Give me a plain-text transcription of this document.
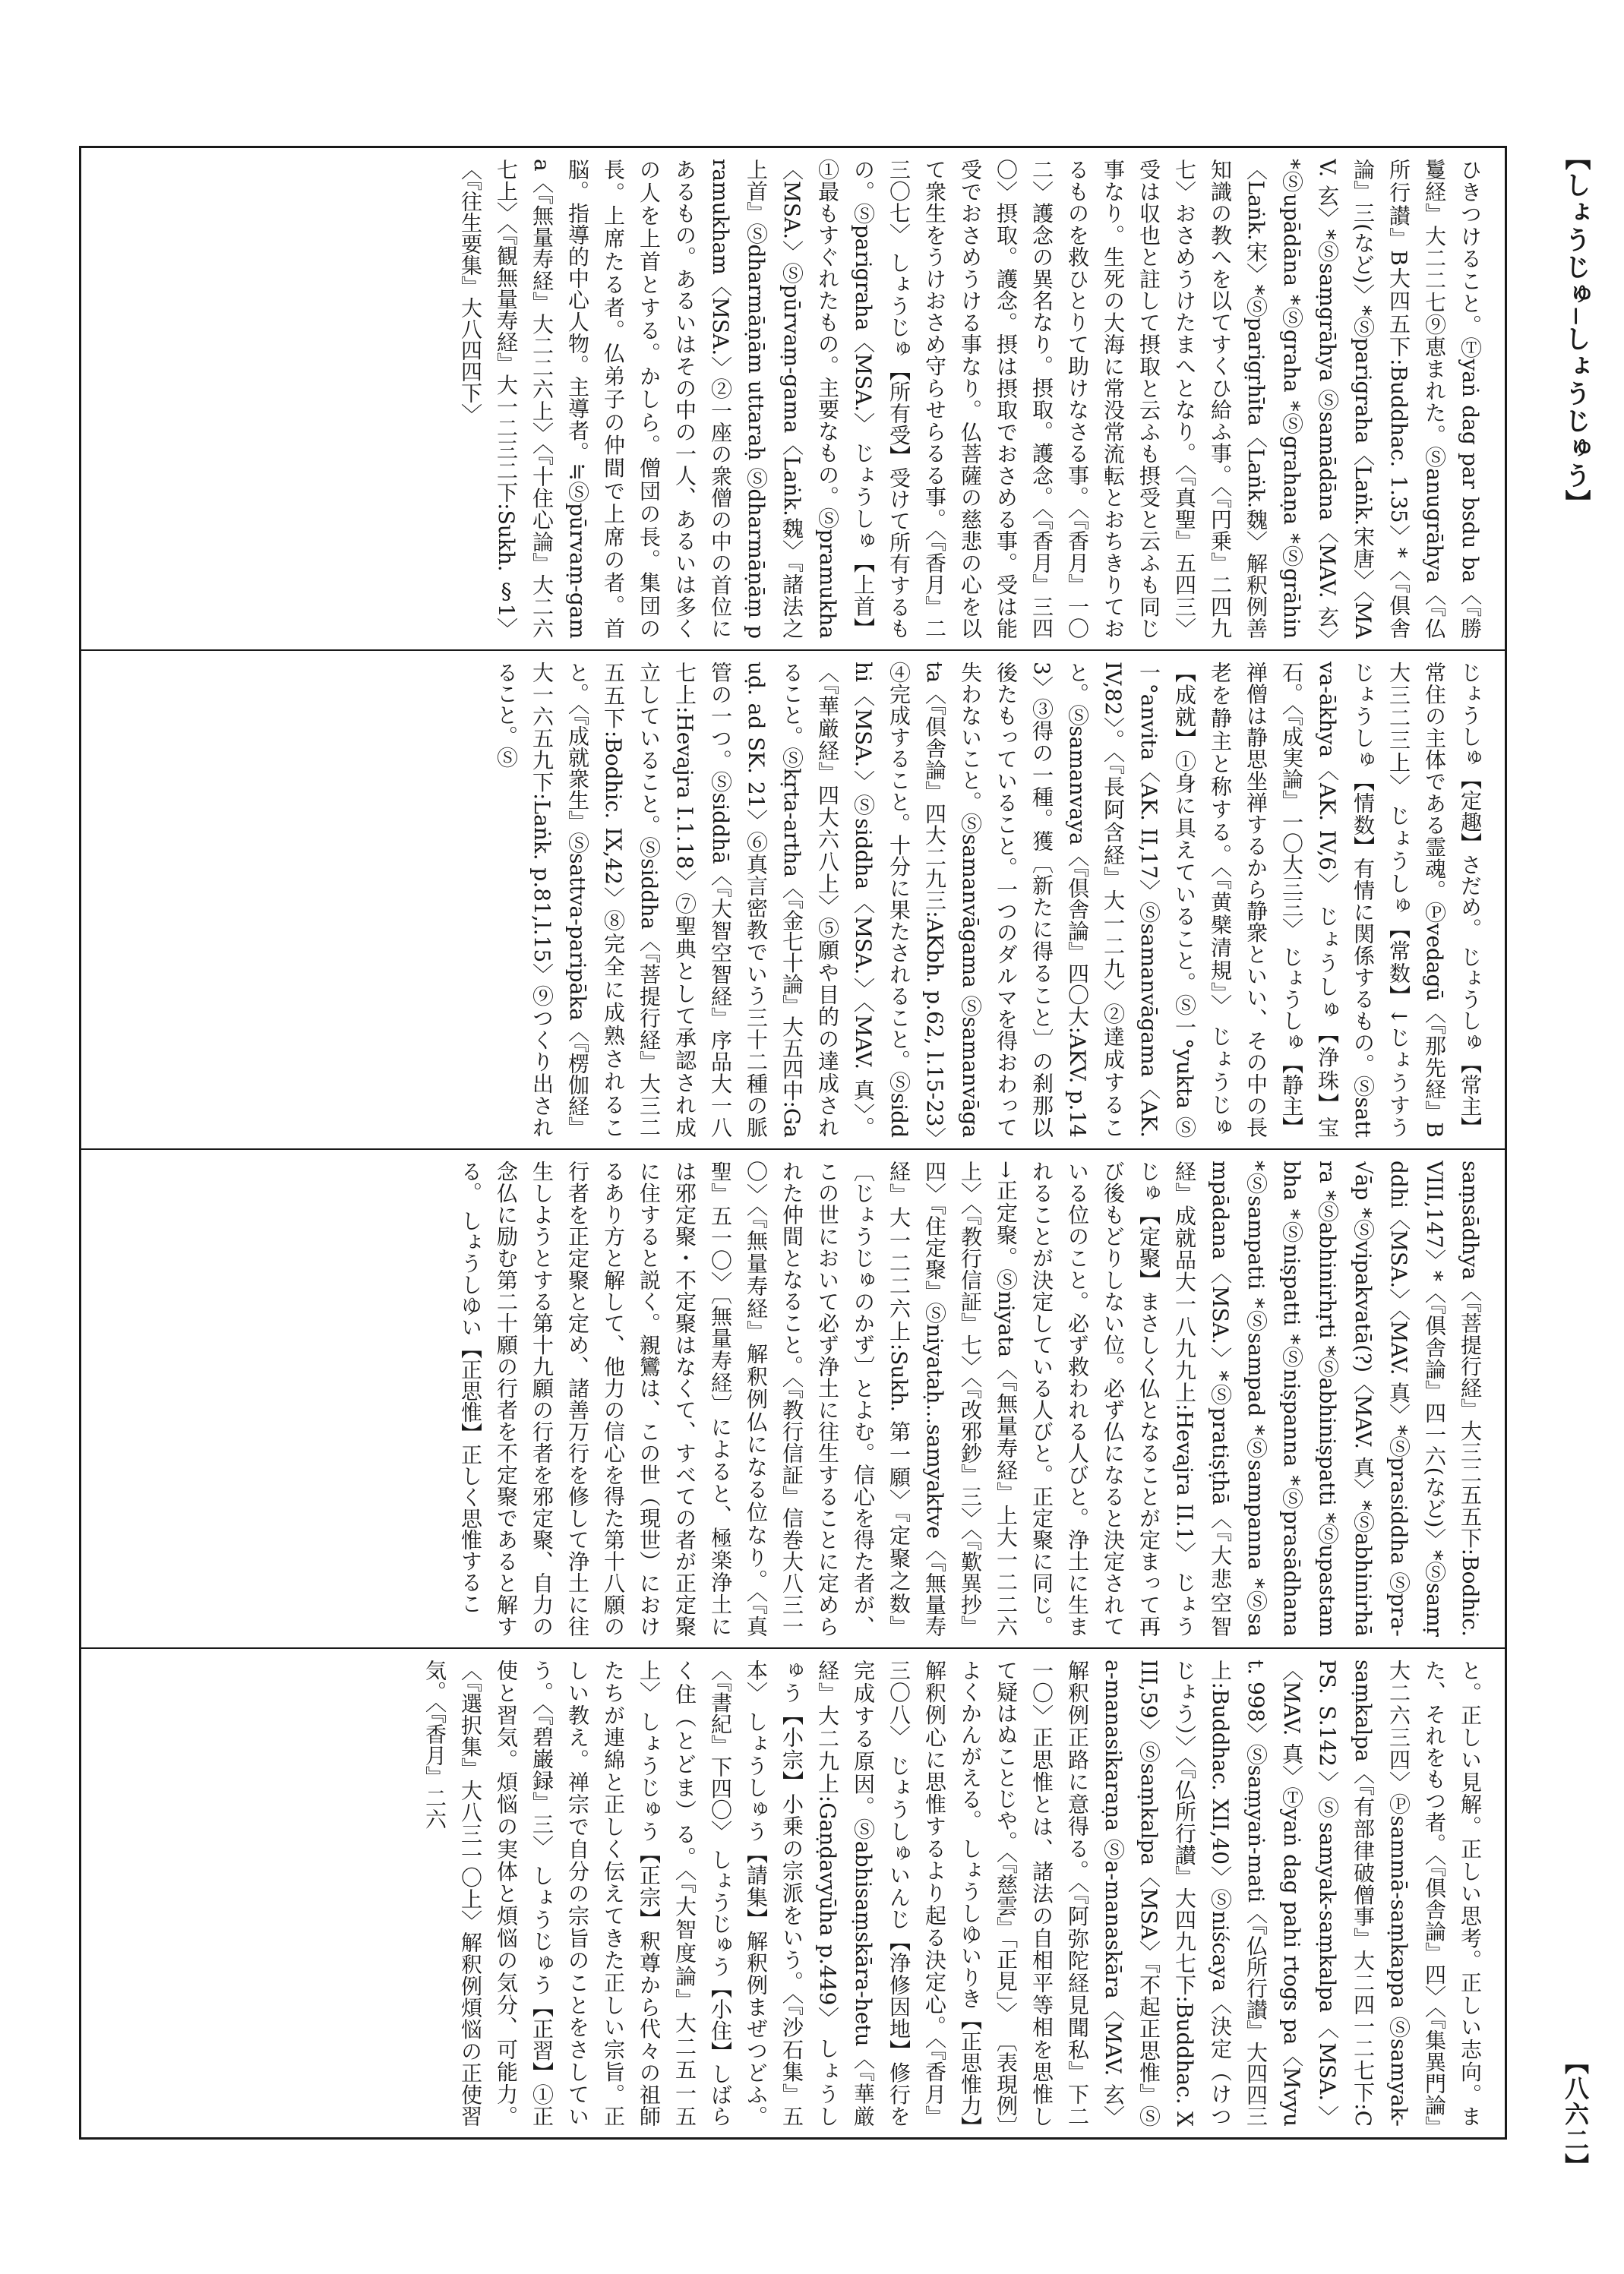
【しょうじゅ─しょうじゅう】
ひきつけること。Ⓣyaṅ dag par bsdu ba〈『勝鬘経』大二二七⑨恵まれた。Ⓢanugrāhya〈『仏所行讃』B大四五下:Buddhac. 1.35〉*〈『倶舎論』三(など)〉*Ⓢparigraha〈Laṅk.宋唐〉〈MAV. 玄〉*Ⓢsaṃgrāhya Ⓢsamādāna〈MAV. 玄〉*Ⓢupādāna *Ⓢgraha *Ⓢgrahaṇa *Ⓢgrāhin〈Laṅk.宋〉*Ⓢparigṛhīta〈Laṅk.魏〉解釈例善知識の教へを以てすくひ給ふ事。〈『円乗』二四九七〉おさめうけたまへとなり。〈『真聖』五四三〉受は収也と註して摂取と云ふも摂受と云ふも同じ事なり。生死の大海に常没常流転とおちきりておるものを救ひとりて助けなさる事。〈『香月』一〇二〉護念の異名なり。摂取。護念。〈『香月』三四〇〉摂取。護念。摂は摂取でおさめる事。受は能受でおさめうける事なり。仏菩薩の慈悲の心を以て衆生をうけおさめ守らせらるる事。〈『香月』二三〇七〉 しょうじゅ【所有受】受けて所有するもの。Ⓢparigraha〈MSA.〉 じょうしゅ【上首】①最もすぐれたもの。主要なもの。Ⓢpramukha〈MSA.〉Ⓢpūrvaṃ-gama〈Laṅk.魏〉『諸法之上首』Ⓢdharmāṇām uttaraḥ Ⓢdharmāṇāṃ pramukham〈MSA.〉②一座の衆僧の中の首位にあるもの。あるいはその中の一人、あるいは多くの人を上首とする。かしら。僧団の長。集団の長。上席たる者。仏弟子の仲間で上席の者。首脳。指導的中心人物。主導者。≒Ⓢpūrvaṃ-gama〈『無量寿経』大二二六上〉〈『十住心論』大二六七上〉〈『観無量寿経』大一二三二下:Sukh. §1〉〈『往生要集』大八四四下〉
じょうしゅ【定趣】さだめ。 じょうしゅ【常主】常住の主体である霊魂。Ⓟvedagū〈『那先経』B大三二三上〉 じょうしゅ【常数】↓じょうすう じょうしゅ【情数】有情に関係するもの。Ⓢsattva-ākhya〈AK. IV,6〉 じょうしゅ【浄珠】宝石。〈『成実論』一〇大三三〉 じょうしゅ【静主】禅僧は静思坐禅するから静衆といい、その中の長老を静主と称する。〈『黄檗清規』〉 じょうじゅ【成就】①身に具えていること。Ⓢ一°yukta Ⓢ一°anvita〈AK. II,17〉Ⓢsamanvāgama〈AK. IV,82〉。〈『長阿含経』大一二九〉②達成すること。Ⓢsamanvaya〈『倶舎論』四〇大:AKV. p.143〉③得の一種。獲〔新たに得ること〕の刹那以後たもっていること。一つのダルマを得おわって失わないこと。Ⓢsamanvāgama Ⓢsamanvāgata〈『倶舎論』四大二九三:AKbh. p.62, l.15-23〉④完成すること。十分に果たされること。Ⓢsiddhi〈MSA.〉Ⓢsiddha〈MSA.〉〈MAV. 真〉。〈『華厳経』四大六八上〉⑤願や目的の達成されること。Ⓢkṛta-artha〈『金七十論』大五四中:Gauḍ. ad SK. 21〉⑥真言密教でいう三十二種の脈管の一つ。Ⓢsiddhā〈『大智空智経』序品大一八七上:Hevajra I.1.18〉⑦聖典として承認され成立していること。Ⓢsiddha〈『菩提行経』大三二五五下:Bodhic. IX,42〉⑧完全に成熟されること。〈『成就衆生』Ⓢsattva-paripāka〈『楞伽経』大一六五九下:Laṅk. p.81,l.15〉⑨つくり出されること。Ⓢ
saṃsādhya〈『菩提行経』大三二五五下:Bodhic. VIII,147〉*〈『倶舎論』四一六(など)〉*Ⓢsamṛddhi〈MSA.〉〈MAV. 真〉*Ⓢprasiddha Ⓢpra-√āp *Ⓢvipakvatā(?)〈MAV. 真〉*Ⓢabhinirhāra *Ⓢabhinirhṛti *Ⓢabhiniṣpatti *Ⓢupastambha *Ⓢniṣpatti *Ⓢniṣpanna *Ⓢprasādhana *Ⓢsampatti *Ⓢsampad *Ⓢsampanna *Ⓢsampādana〈MSA.〉*Ⓢpratiṣṭhā〈『大悲空智経』成就品大一八九九上:Hevajra II.1〉 じょうじゅ【定聚】まさしく仏となることが定まって再び後もどりしない位。必ず仏になると決定されている位のこと。必ず救われる人びと。浄土に生まれることが決定している人びと。正定聚に同じ。→正定聚。Ⓢniyata〈『無量寿経』上大一二二六上〉〈『教行信証』七〉〈『改邪鈔』三〉〈『歎異抄』四〉『住定聚』Ⓢniyataḥ...samyaktve〈『無量寿経』大一二二六上:Sukh. 第一願〉『定聚之数』〔じょうじゅのかず〕とよむ。信心を得た者が、この世において必ず浄土に往生することに定められた仲間となること。〈『教行信証』信巻大八三一〇〉〈『無量寿経』解釈例仏になる位なり。〈『真聖』五一〇〉〔無量寿経〕によると、極楽浄土には邪定聚・不定聚はなくて、すべての者が正定聚に住すると説く。親鸞は、この世（現世）におけるあり方と解して、他力の信心を得た第十八願の行者を正定聚と定め、諸善万行を修して浄土に往生しようとする第十九願の行者を邪定聚、自力の念仏に励む第二十願の行者を不定聚であると解する。 しょうしゆい【正思惟】正しく思惟するこ
と。正しい見解。正しい思考。正しい志向。また、それをもつ者。〈『倶舎論』四〉〈『集異門論』大二六三四〉Ⓟsammā-saṃkappa Ⓢsamyak-saṃkalpa〈『有部律破僧事』大二四一二七下:CPS. S.142〉Ⓢsamyak-saṃkalpa〈MSA.〉〈MAV. 真〉Ⓣyaṅ dag pahi rtogs pa〈Mvyut. 998〉Ⓢsaṃyaṅ-mati〈『仏所行讃』大四四三上:Buddhac. XII,40〉Ⓢniścaya〈決定（けつじょう）〉〈『仏所行讃』大四九七下:Buddhac. XIII,59〉Ⓢsaṃkalpa〈MSA〉『不起正思惟』Ⓢa-manasikaraṇa Ⓢa-manaskāra〈MAV. 玄〉解釈例正路に意得る。〈『阿弥陀経見聞私』下二一〇〉正思惟とは、諸法の自相平等相を思惟して疑はぬことじや。〈『慈雲』「正見」〉 〔表現例〕よくかんがえる。 しょうしゆいりき【正思惟力】解釈例心に思惟するより起る決定心。〈『香月』三〇八〉 じょうしゅいんじ【浄修因地】修行を完成する原因。Ⓢabhisaṃskāra-hetu〈『華厳経』大二九上:Gaṇḍavyūha p.449〉 しょうしゅう【小宗】小乗の宗派をいう。〈『沙石集』五本〉 しょうしゅう【請集】解釈例まぜつどふ。〈『書紀』下四〇〉 しょうじゅう【小住】しばらく住（とどま）る。〈『大智度論』大二五一五上〉 しょうじゅう【正宗】釈尊から代々の祖師たちが連綿と正しく伝えてきた正しい宗旨。正しい教え。禅宗で自分の宗旨のことをさしていう。〈『碧巌録』三〉 しょうじゅう【正習】①正使と習気。煩悩の実体と煩悩の気分、可能力。〈『選択集』大八三一〇上〉解釈例煩悩の正使習気。〈『香月』二六
【八六二】
